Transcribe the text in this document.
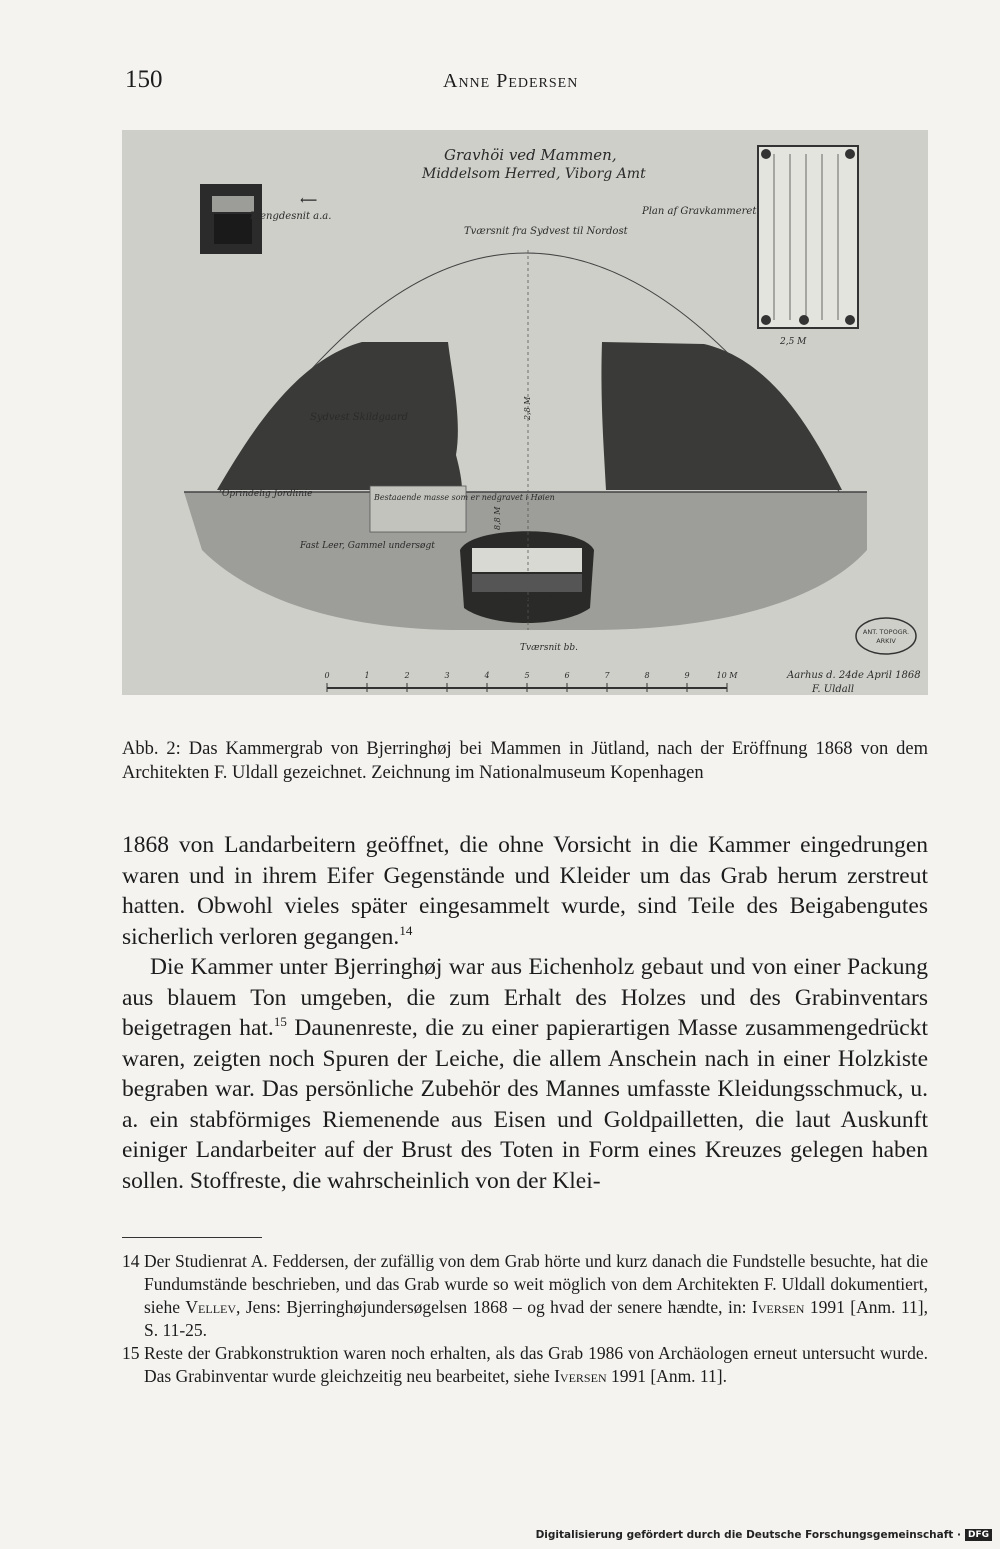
150	Anne Pedersen
Længdesnit a.a.
⟵
Gravhöi ved Mammen,
Middelsom Herred, Viborg Amt
Tværsnit fra Sydvest til Nordost
Plan af Gravkammeret
2,5 M
2,8 M
8,8 M
Sydvest Skildgaard
Oprindelig Jordlinie	Bestaaende masse som er nedgravet i Høien
Fast Leer, Gammel undersøgt
Gravkammer
Tværsnit bb.
ANT. TOPOGR.
ARKIV
0	1	2	3	4	5	6	7	8	9	10 M	Aarhus d. 24de April 1868
F. Uldall

Abb. 2: Das Kammergrab von Bjerringhøj bei Mammen in Jütland, nach der Eröffnung 1868 von dem Architekten F. Uldall gezeichnet. Zeichnung im Nationalmuseum Kopenhagen

1868 von Landarbeitern geöffnet, die ohne Vorsicht in die Kammer eingedrungen waren und in ihrem Eifer Gegenstände und Kleider um das Grab herum zerstreut hatten. Obwohl vieles später eingesammelt wurde, sind Teile des Beigabengutes sicherlich verloren gegangen.$^{14}$

Die Kammer unter Bjerringhøj war aus Eichenholz gebaut und von einer Packung aus blauem Ton umgeben, die zum Erhalt des Holzes und des Grabinventars beigetragen hat.$^{15}$ Daunenreste, die zu einer papierartigen Masse zusammengedrückt waren, zeigten noch Spuren der Leiche, die allem Anschein nach in einer Holzkiste begraben war. Das persönliche Zubehör des Mannes umfasste Kleidungsschmuck, u. a. ein stabförmiges Riemenende aus Eisen und Goldpailletten, die laut Auskunft einiger Landarbeiter auf der Brust des Toten in Form eines Kreuzes gelegen haben sollen. Stoffreste, die wahrscheinlich von der Klei-

14 Der Studienrat A. Feddersen, der zufällig von dem Grab hörte und kurz danach die Fundstelle besuchte, hat die Fundumstände beschrieben, und das Grab wurde so weit möglich von dem Architekten F. Uldall dokumentiert, siehe Vellev, Jens: Bjerringhøjundersøgelsen 1868 – og hvad der senere hændte, in: Iversen 1991 [Anm. 11], S. 11-25.
15 Reste der Grabkonstruktion waren noch erhalten, als das Grab 1986 von Archäologen erneut untersucht wurde. Das Grabinventar wurde gleichzeitig neu bearbeitet, siehe Iversen 1991 [Anm. 11].
Digitalisierung gefördert durch die Deutsche Forschungsgemeinschaft · DFG
